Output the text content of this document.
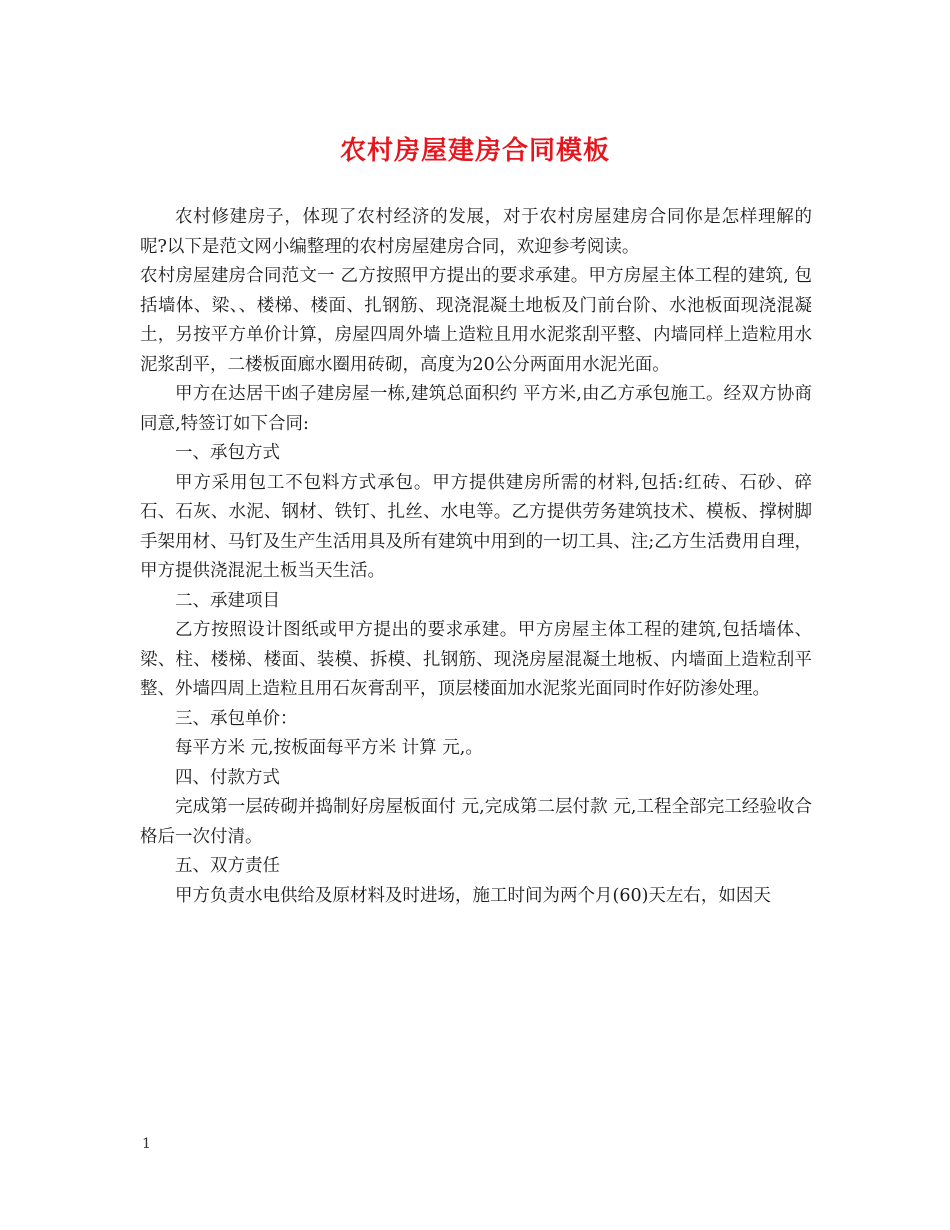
农村房屋建房合同模板

农村修建房子，体现了农村经济的发展，对于农村房屋建房合同你是怎样理解的呢?以下是范文网小编整理的农村房屋建房合同，欢迎参考阅读。

农村房屋建房合同范文一 乙方按照甲方提出的要求承建。甲方房屋主体工程的建筑, 包括墙体、梁、、楼梯、楼面、扎钢筋、现浇混凝土地板及门前台阶、水池板面现浇混凝土，另按平方单价计算，房屋四周外墙上造粒且用水泥浆刮平整、内墙同样上造粒用水泥浆刮平，二楼板面廊水圈用砖砌，高度为20公分两面用水泥光面。

甲方在达居干凼子建房屋一栋,建筑总面积约 平方米,由乙方承包施工。经双方协商同意,特签订如下合同:

一、承包方式

甲方采用包工不包料方式承包。甲方提供建房所需的材料,包括:红砖、石砂、碎石、石灰、水泥、钢材、铁钉、扎丝、水电等。乙方提供劳务建筑技术、模板、撑树脚手架用材、马钉及生产生活用具及所有建筑中用到的一切工具、注;乙方生活费用自理，甲方提供浇混泥土板当天生活。

二、承建项目

乙方按照设计图纸或甲方提出的要求承建。甲方房屋主体工程的建筑,包括墙体、梁、柱、楼梯、楼面、装模、拆模、扎钢筋、现浇房屋混凝土地板、内墙面上造粒刮平整、外墙四周上造粒且用石灰膏刮平，顶层楼面加水泥浆光面同时作好防渗处理。

三、承包单价：

每平方米 元,按板面每平方米 计算 元,。

四、付款方式

完成第一层砖砌并捣制好房屋板面付 元,完成第二层付款 元,工程全部完工经验收合格后一次付清。

五、双方责任

甲方负责水电供给及原材料及时进场，施工时间为两个月(60)天左右，如因天

1
